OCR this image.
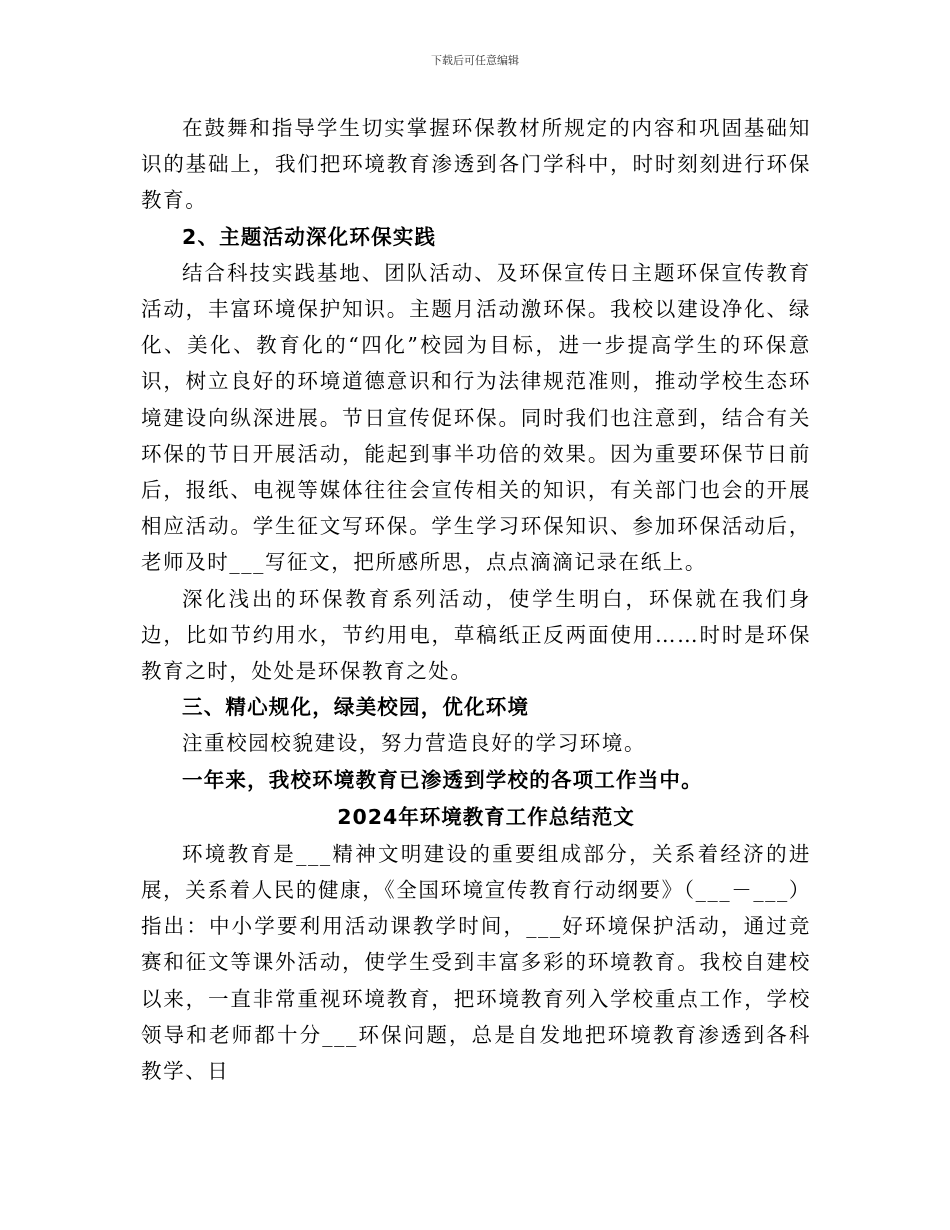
下载后可任意编辑

在鼓舞和指导学生切实掌握环保教材所规定的内容和巩固基础知识的基础上，我们把环境教育渗透到各门学科中，时时刻刻进行环保教育。

2、主题活动深化环保实践

结合科技实践基地、团队活动、及环保宣传日主题环保宣传教育活动，丰富环境保护知识。主题月活动激环保。我校以建设净化、绿化、美化、教育化的“四化”校园为目标，进一步提高学生的环保意识，树立良好的环境道德意识和行为法律规范准则，推动学校生态环境建设向纵深进展。节日宣传促环保。同时我们也注意到，结合有关环保的节日开展活动，能起到事半功倍的效果。因为重要环保节日前后，报纸、电视等媒体往往会宣传相关的知识，有关部门也会的开展相应活动。学生征文写环保。学生学习环保知识、参加环保活动后，老师及时___写征文，把所感所思，点点滴滴记录在纸上。

深化浅出的环保教育系列活动，使学生明白，环保就在我们身边，比如节约用水，节约用电，草稿纸正反两面使用……时时是环保教育之时，处处是环保教育之处。

三、精心规化，绿美校园，优化环境

注重校园校貌建设，努力营造良好的学习环境。

一年来，我校环境教育已渗透到学校的各项工作当中。

2024年环境教育工作总结范文

环境教育是___精神文明建设的重要组成部分，关系着经济的进展，关系着人民的健康，《全国环境宣传教育行动纲要》（___－___）指出：中小学要利用活动课教学时间，___好环境保护活动，通过竞赛和征文等课外活动，使学生受到丰富多彩的环境教育。我校自建校以来，一直非常重视环境教育，把环境教育列入学校重点工作，学校领导和老师都十分___环保问题，总是自发地把环境教育渗透到各科教学、日
